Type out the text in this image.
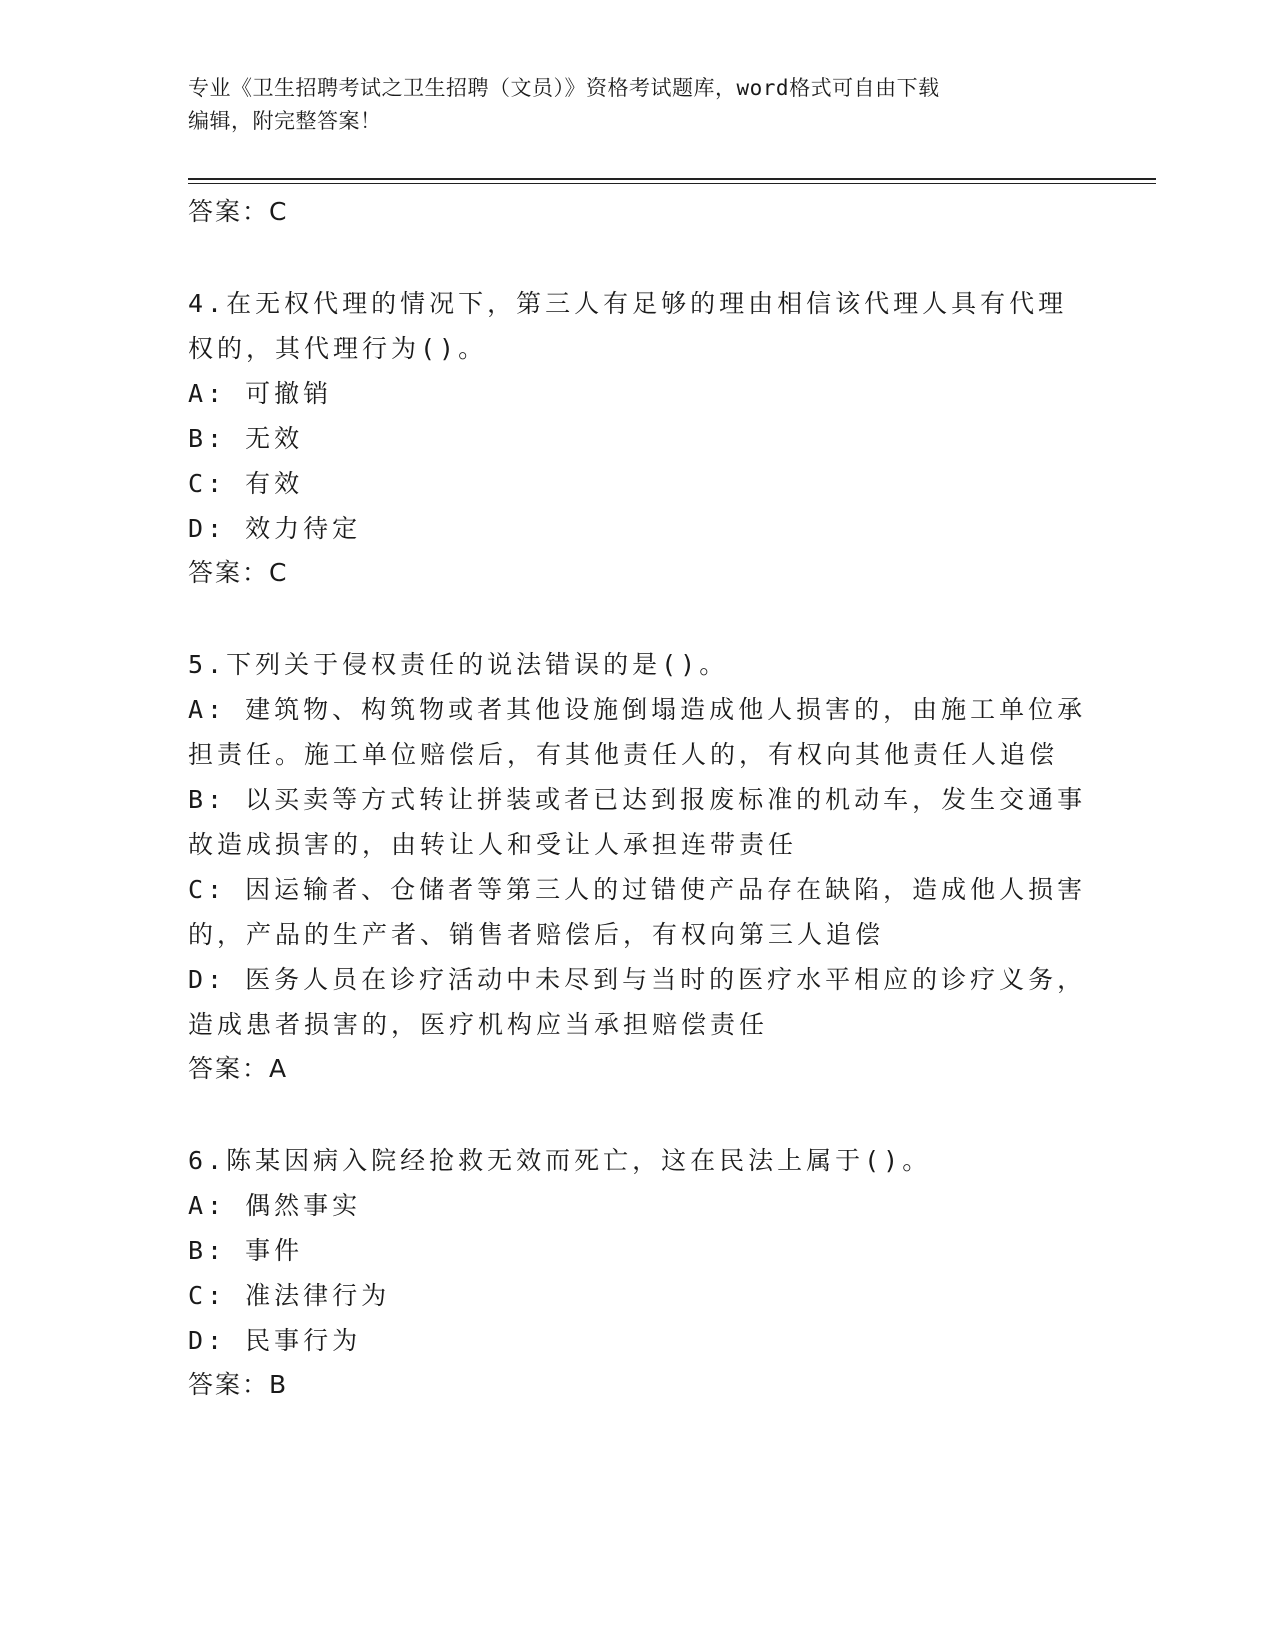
专业《卫生招聘考试之卫生招聘（文员）》资格考试题库，word格式可自由下载
编辑，附完整答案！
答案：C
4.在无权代理的情况下，第三人有足够的理由相信该代理人具有代理
权的，其代理行为()。
A: 可撤销
B: 无效
C: 有效
D: 效力待定
答案：C
5.下列关于侵权责任的说法错误的是()。
A: 建筑物、构筑物或者其他设施倒塌造成他人损害的，由施工单位承
担责任。施工单位赔偿后，有其他责任人的，有权向其他责任人追偿
B: 以买卖等方式转让拼装或者已达到报废标准的机动车，发生交通事
故造成损害的，由转让人和受让人承担连带责任
C: 因运输者、仓储者等第三人的过错使产品存在缺陷，造成他人损害
的，产品的生产者、销售者赔偿后，有权向第三人追偿
D: 医务人员在诊疗活动中未尽到与当时的医疗水平相应的诊疗义务，
造成患者损害的，医疗机构应当承担赔偿责任
答案：A
6.陈某因病入院经抢救无效而死亡，这在民法上属于()。
A: 偶然事实
B: 事件
C: 准法律行为
D: 民事行为
答案：B
